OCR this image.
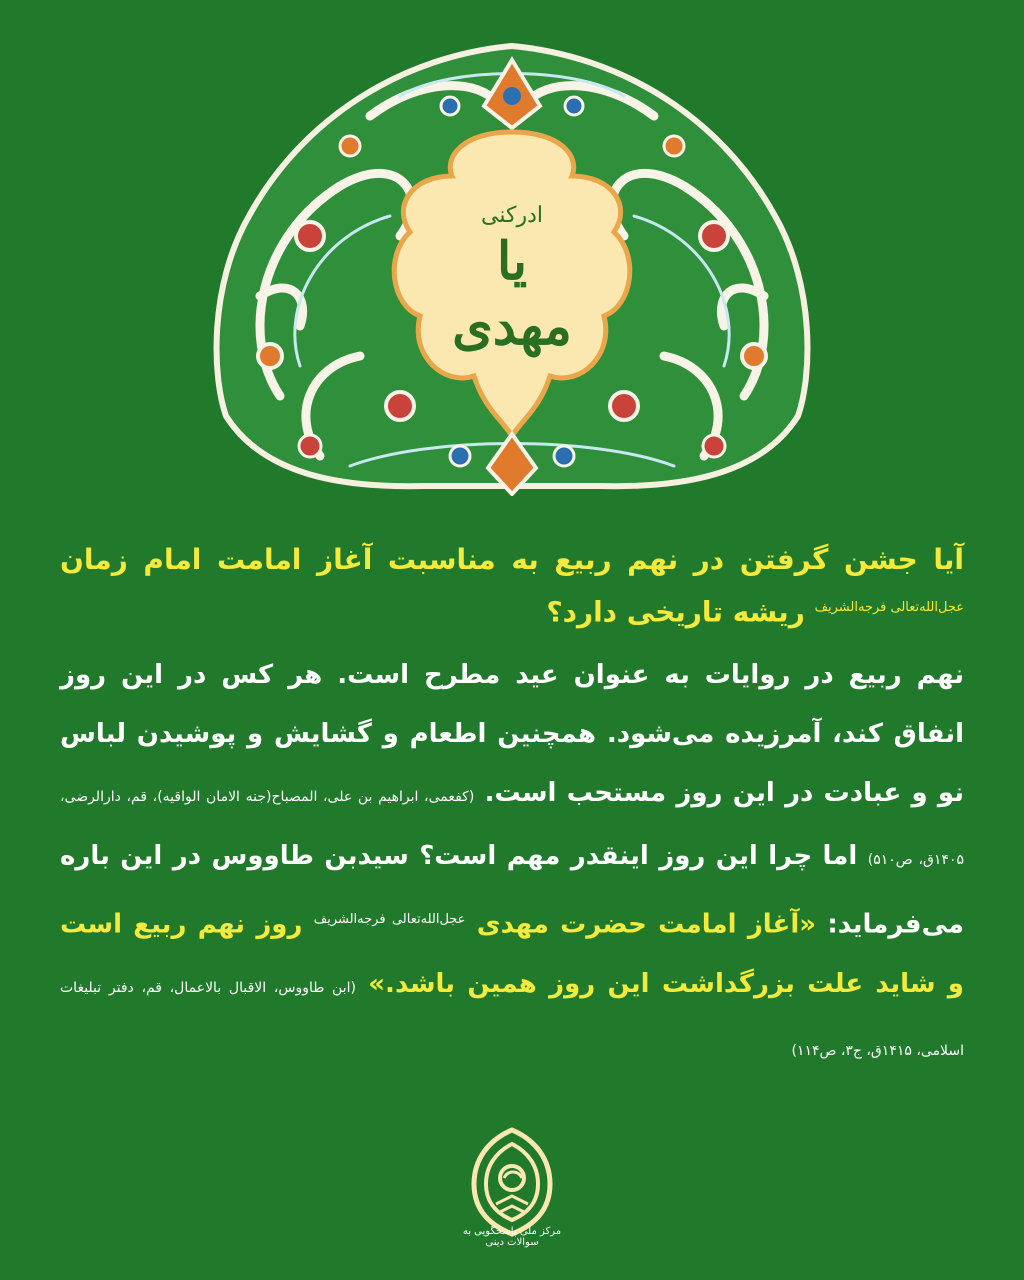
ادرکنی
یا مهدی

آیا جشن گرفتن در نهم ربیع به مناسبت آغاز امامت امام زمان $^{عجل‌الله‌تعالی فرجه‌الشریف}$ ریشه تاریخی دارد؟

نهم ربیع در روایات به عنوان عید مطرح است. هر کس در این روز انفاق کند، آمرزیده می‌شود. همچنین اطعام و گشایش و پوشیدن لباس نو و عبادت در این روز مستحب است. (کفعمی، ابراهیم بن علی، المصباح(جنه الامان الواقیه)، قم، دارالرضی، ۱۴۰۵ق، ص۵۱۰) اما چرا این روز اینقدر مهم است؟ سیدبن طاووس در این باره می‌فرماید: «آغاز امامت حضرت مهدی $^{عجل‌الله‌تعالی فرجه‌الشریف}$ روز نهم ربیع است و شاید علت بزرگداشت این روز همین باشد.» (ابن طاووس، الاقبال بالاعمال، قم، دفتر تبلیغات اسلامی، ۱۴۱۵ق، ج۳، ص۱۱۴)

مرکز ملی پاسخگویی به سوالات دینی
